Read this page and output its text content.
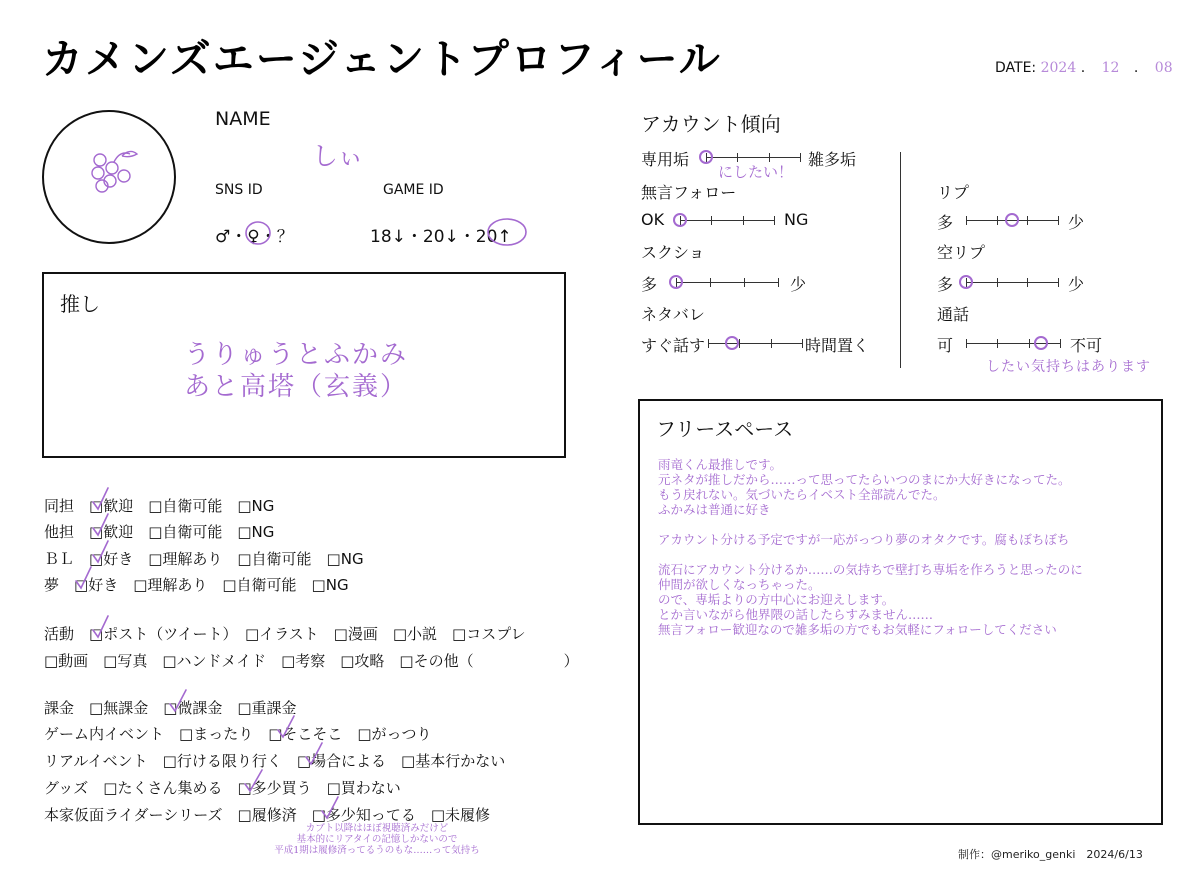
カメンズエージェントプロフィール	DATE: 2024 . 12 . 08
NAME
しぃ
SNS ID	GAME ID
♂・♀・？	18↓・20↓・20↑
推し
うりゅうとふかみ
あと高塔（玄義）
同担　 □歓迎　□自衛可能　□NG
他担　 □歓迎　□自衛可能　□NG
ＢＬ　 □好き　□理解あり　□自衛可能　□NG
夢　 □好き　□理解あり　□自衛可能　□NG
活動　 □ポスト（ツイート）　□イラスト　□漫画　□小説　□コスプレ
□動画　□写真　□ハンドメイド　□考察　□攻略　□その他（　　　　　　）
課金　 □無課金　□微課金　□重課金
ゲーム内イベント　 □まったり　□そこそこ　□がっつり
リアルイベント　 □行ける限り行く　□場合による　□基本行かない
グッズ　 □たくさん集める　□多少買う　□買わない
本家仮面ライダーシリーズ　 □履修済　□多少知ってる　□未履修
カブト以降はほぼ視聴済みだけど
基本的にリアタイの記憶しかないので
平成1期は履修済ってるうのもな……って気持ち
アカウント傾向
専用垢	雑多垢
にしたい！
無言フォロー
OK	NG
スクショ
多	少
ネタバレ
すぐ話す	時間置く
リプ
多	少
空リプ
多	少
通話
可	不可
したい気持ちはあります
フリースペース
雨竜くん最推しです。
元ネタが推しだから……って思ってたらいつのまにか大好きになってた。
もう戻れない。気づいたらイベスト全部読んでた。
ふかみは普通に好き

アカウント分ける予定ですが一応がっつり夢のオタクです。腐もぼちぼち

流石にアカウント分けるか……の気持ちで壁打ち専垢を作ろうと思ったのに
仲間が欲しくなっちゃった。
ので、専垢よりの方中心にお迎えします。
とか言いながら他界隈の話したらすみません……
無言フォロー歓迎なので雑多垢の方でもお気軽にフォローしてください
制作：@meriko_genki　2024/6/13
